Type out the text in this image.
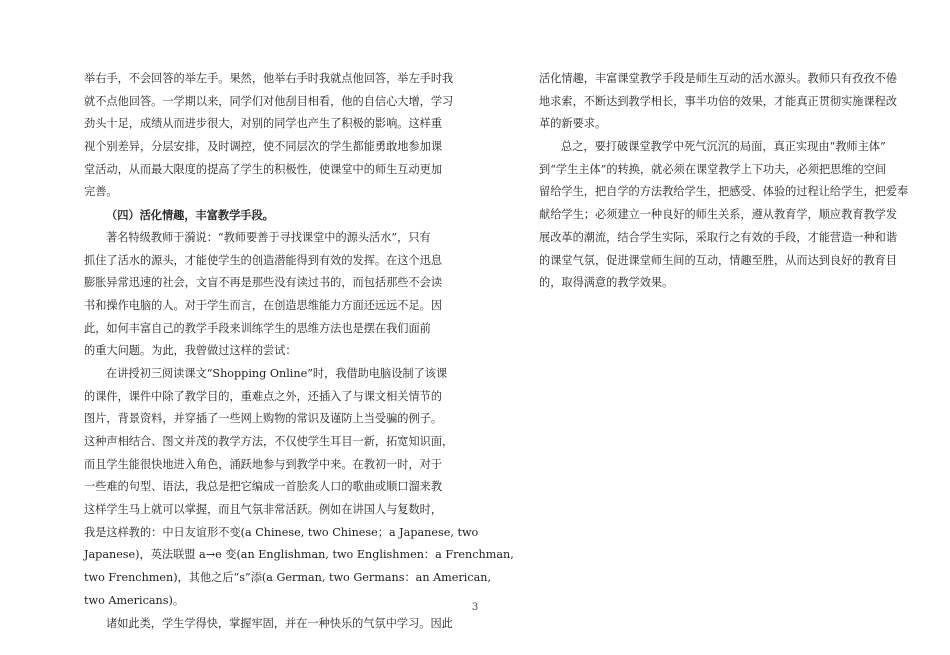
举右手，不会回答的举左手。果然，他举右手时我就点他回答，举左手时我
就不点他回答。一学期以来，同学们对他刮目相看，他的自信心大增，学习
劲头十足，成绩从而进步很大，对别的同学也产生了积极的影响。这样重
视个别差异，分层安排，及时调控，使不同层次的学生都能勇敢地参加课
堂活动，从而最大限度的提高了学生的积极性，使课堂中的师生互动更加
完善。
（四）活化情趣，丰富教学手段。
著名特级教师于漪说：“教师要善于寻找课堂中的源头活水”，只有
抓住了活水的源头，才能使学生的创造潜能得到有效的发挥。在这个迅息
膨胀异常迅速的社会，文盲不再是那些没有读过书的，而包括那些不会读
书和操作电脑的人。对于学生而言，在创造思维能力方面还远远不足。因
此，如何丰富自己的教学手段来训练学生的思维方法也是摆在我们面前
的重大问题。为此，我曾做过这样的尝试：
在讲授初三阅读课文“Shopping Online”时，我借助电脑设制了该课
的课件，课件中除了教学目的，重难点之外，还插入了与课文相关情节的
图片，背景资料，并穿插了一些网上购物的常识及谨防上当受骗的例子。
这种声相结合、图文并茂的教学方法，不仅使学生耳目一新，拓宽知识面，
而且学生能很快地进入角色，涌跃地参与到教学中来。在教初一时，对于
一些难的句型、语法，我总是把它编成一首脍炙人口的歌曲或顺口溜来教
这样学生马上就可以掌握，而且气氛非常活跃。例如在讲国人与复数时，
我是这样教的：中日友谊形不变(a Chinese, two Chinese；a Japanese, two
Japanese)，英法联盟 a→e 变(an Englishman, two Englishmen：a Frenchman,
two Frenchmen)，其他之后“s”添(a German, two Germans：an American,
two Americans)。
诸如此类，学生学得快，掌握牢固，并在一种快乐的气氛中学习。因此
活化情趣，丰富课堂教学手段是师生互动的活水源头。教师只有孜孜不倦
地求索，不断达到教学相长，事半功倍的效果，才能真正贯彻实施课程改
革的新要求。
总之，要打破课堂教学中死气沉沉的局面，真正实现由“教师主体”
到“学生主体”的转换，就必须在课堂教学上下功夫，必须把思维的空间
留给学生，把自学的方法教给学生，把感受、体验的过程让给学生，把爱奉
献给学生；必须建立一种良好的师生关系，遵从教育学，顺应教育教学发
展改革的潮流，结合学生实际，采取行之有效的手段，才能营造一种和谐
的课堂气氛，促进课堂师生间的互动，情趣至胜，从而达到良好的教育目
的，取得满意的教学效果。
3
